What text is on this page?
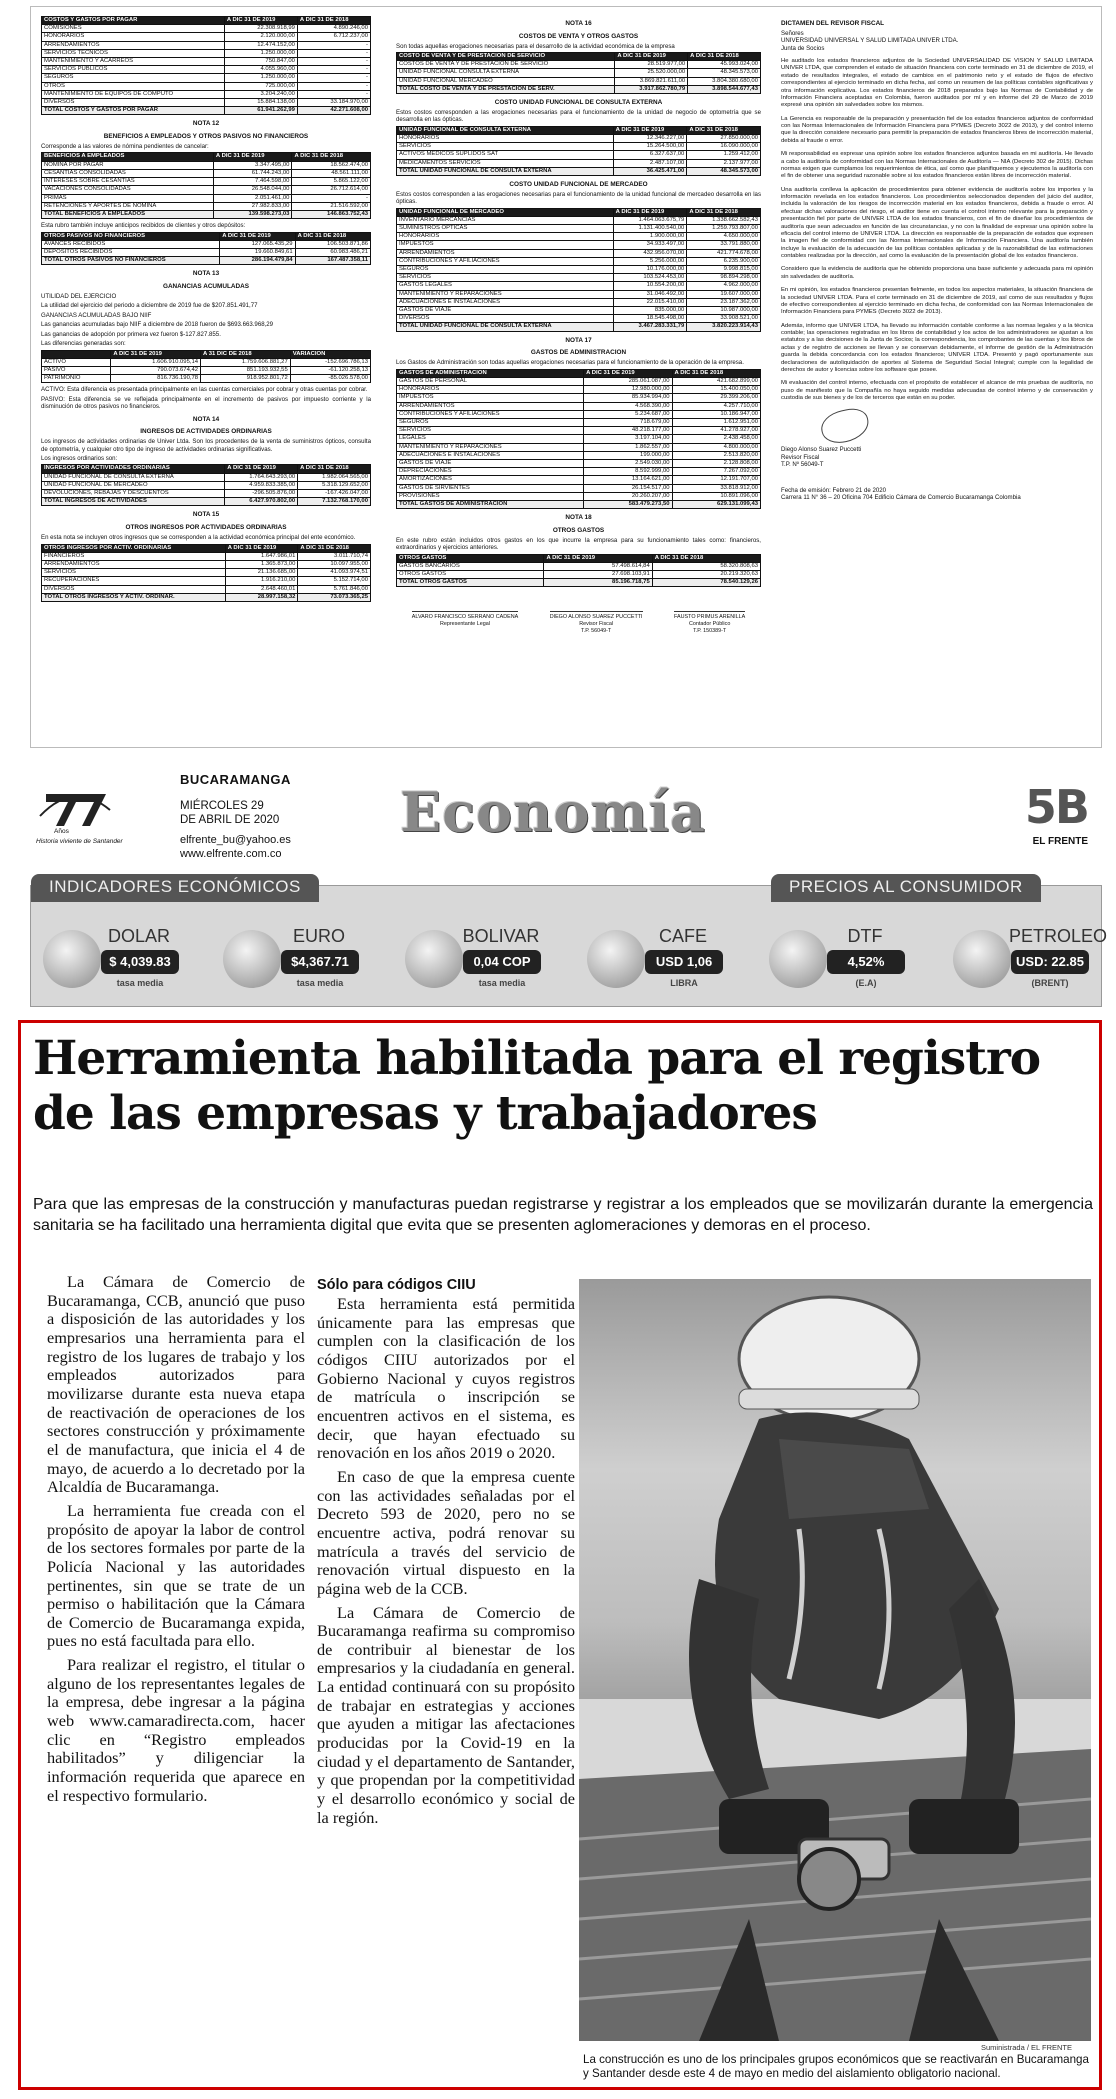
COSTOS Y GASTOS POR PAGAR	A DIC 31 DE 2019	A DIC 31 DE 2018
COMISIONES	22.308.918,99	4.890.246,00
HONORARIOS	2.120.000,00	6.712.237,00
ARRENDAMIENTOS	12.474.152,00	-
SERVICIOS TECNICOS	1.250.000,00	-
MANTENIMIENTO Y ACARREOS	750.847,00	-
SERVICIOS PUBLICOS	4.055.960,00	-
SEGUROS	1.250.000,00	-
OTROS	725.000,00	-
MANTENIMIENTO DE EQUIPOS DE COMPUTO	3.204.240,00	-
DIVERSOS	15.884.138,00	33.184.970,00
TOTAL COSTOS Y GASTOS POR PAGAR	61.941.262,99	42.271.608,00
NOTA 12
BENEFICIOS A EMPLEADOS Y OTROS PASIVOS NO FINANCIEROS
Corresponde a las valores de nómina pendientes de cancelar:
BENEFICIOS A EMPLEADOS	A DIC 31 DE 2019	A DIC 31 DE 2018
NOMINA POR PAGAR	3.347.495,00	18.562.474,00
CESANTIAS CONSOLIDADAS	61.744.243,00	48.561.111,00
INTERESES SOBRE CESANTIAS	7.464.598,00	5.865.122,00
VACACIONES CONSOLIDADAS	26.548.044,00	26.712.614,00
PRIMAS	2.051.461,00	-
RETENCIONES Y APORTES DE NOMINA	27.982.833,00	21.516.592,00
TOTAL BENEFICIOS A EMPLEADOS	139.598.273,03	146.863.752,43
Esta rubro también incluye anticipos recibidos de clientes y otros depósitos:
OTROS PASIVOS NO FINANCIEROS	A DIC 31 DE 2019	A DIC 31 DE 2018
AVANCES RECIBIDOS	127.065.435,29	106.503.871,86
DEPOSITOS RECIBIDOS	19.660.849,61	60.983.486,21
TOTAL OTROS PASIVOS NO FINANCIEROS	286.194.479,84	167.487.358,11
NOTA 13
GANANCIAS ACUMULADAS
UTILIDAD DEL EJERCICIO
La utilidad del ejercicio del periodo a diciembre de 2019 fue de $207.851.491,77
GANANCIAS ACUMULADAS BAJO NIIF
Las ganancias acumuladas bajo NIIF a diciembre de 2018 fueron de $693.663.968,29
Las ganancias de adopción por primera vez fueron $-127.827.855.
Las diferencias generadas son:
	A DIC 31 DE 2019	A 31 DIC DE 2018	VARIACION
ACTIVO	1.606.910.095,14	1.759.606.881,27	-152.696.786,13
PASIVO	790.073.674,42	851.193.932,55	-61.120.258,13
PATRIMONIO	816.736.190,78	918.952.801,72	-85.026.578,00
ACTIVO: Esta diferencia es presentada principalmente en las cuentas comerciales por cobrar y otras cuentas por cobrar.
PASIVO: Esta diferencia se ve reflejada principalmente en el incremento de pasivos por impuesto corriente y la disminución de otros pasivos no financieros.
NOTA 14
INGRESOS DE ACTIVIDADES ORDINARIAS
Los ingresos de actividades ordinarias de Univer Ltda. Son los procedentes de la venta de suministros ópticos, consulta de optometría, y cualquier otro tipo de ingreso de actividades ordinarias significativas.
Los ingresos ordinarios son:
INGRESOS POR ACTIVIDADES ORDINARIAS	A DIC 31 DE 2019	A DIC 31 DE 2018
UNIDAD FUNCIONAL DE CONSULTA EXTERNA	1.764.643.293,00	1.982.064.565,00
UNIDAD FUNCIONAL DE MERCADEO	4.959.833.385,00	5.318.129.652,00
DEVOLUCIONES, REBAJAS Y DESCUENTOS	-296.505.876,00	-167.426.047,00
TOTAL INGRESOS DE ACTIVIDADES	6.427.970.802,00	7.132.768.170,00
NOTA 15
OTROS INGRESOS POR ACTIVIDADES ORDINARIAS
En esta nota se incluyen otros ingresos que se corresponden a la actividad económica principal del ente económico.
OTROS INGRESOS POR ACTIV. ORDINARIAS	A DIC 31 DE 2019	A DIC 31 DE 2018
FINANCIEROS	1.647.986,01	3.011.710,74
ARRENDAMIENTOS	1.365.873,00	10.097.955,00
SERVICIOS	21.136.685,00	41.093.974,51
RECUPERACIONES	1.916.210,00	5.152.714,00
DIVERSOS	2.648.460,01	5.761.846,00
TOTAL OTROS INGRESOS Y ACTIV. ORDINAR.	28.997.158,32	73.073.365,25
NOTA 16
COSTOS DE VENTA Y OTROS GASTOS
Son todas aquellas erogaciones necesarias para el desarrollo de la actividad económica de la empresa
COSTO DE VENTA Y DE PRESTACION DE SERVICIO	A DIC 31 DE 2019	A DIC 31 DE 2018
COSTOS DE VENTA Y DE PRESTACION DE SERVICIO	28.519.977,00	45.993.024,00
UNIDAD FUNCIONAL CONSULTA EXTERNA	25.520.000,00	48.345.573,00
UNIDAD FUNCIONAL MERCADEO	3.869.821.611,00	3.804.380.680,00
TOTAL COSTO DE VENTA Y DE PRESTACION DE SERV.	3.917.862.780,79	3.898.544.677,43
COSTO UNIDAD FUNCIONAL DE CONSULTA EXTERNA
Estos costos corresponden a las erogaciones necesarias para el funcionamiento de la unidad de negocio de optometría que se desarrolla en las ópticas.
UNIDAD FUNCIONAL DE CONSULTA EXTERNA	A DIC 31 DE 2019	A DIC 31 DE 2018
HONORARIOS	12.346.227,00	27.850.000,00
SERVICIOS	15.264.500,00	16.090.000,00
ACTIVOS MEDICOS SUPLIDOS SAT	6.327.637,00	1.259.412,00
MEDICAMENTOS SERVICIOS	2.487.107,00	2.137.977,00
TOTAL UNIDAD FUNCIONAL DE CONSULTA EXTERNA	36.425.471,00	48.345.573,00
COSTO UNIDAD FUNCIONAL DE MERCADEO
Estos costos corresponden a las erogaciones necesarias para el funcionamiento de la unidad funcional de mercadeo desarrolla en las ópticas.
UNIDAD FUNCIONAL DE MERCADEO	A DIC 31 DE 2019	A DIC 31 DE 2018
INVENTARIO MERCANCIAS	1.464.063.675,79	1.338.662.582,43
SUMINISTROS OPTICAS	1.131.400.540,00	1.259.793.807,00
HONORARIOS	1.900.000,00	4.650.000,00
IMPUESTOS	34.933.497,00	33.791.880,00
ARRENDAMIENTOS	432.956.070,00	421.774.678,00
CONTRIBUCIONES Y AFILIACIONES	5.256.000,00	6.235.900,00
SEGUROS	10.176.000,00	9.998.815,00
SERVICIOS	103.524.453,00	98.894.298,00
GASTOS LEGALES	10.554.200,00	4.962.000,00
MANTENIMIENTO Y REPARACIONES	31.046.492,00	19.607.000,00
ADECUACIONES E INSTALACIONES	22.015.410,00	23.187.362,00
GASTOS DE VIAJE	835.000,00	10.987.000,00
DIVERSOS	18.545.498,00	33.908.521,00
TOTAL UNIDAD FUNCIONAL DE CONSULTA EXTERNA	3.467.283.331,79	3.820.223.914,43
NOTA 17
GASTOS DE ADMINISTRACION
Los Gastos de Administración son todas aquellas erogaciones necesarias para el funcionamiento de la operación de la empresa.
GASTOS DE ADMINISTRACION	A DIC 31 DE 2019	A DIC 31 DE 2018
GASTOS DE PERSONAL	285.061.087,00	421.682.899,00
HONORARIOS	12.980.000,00	15.400.050,00
IMPUESTOS	85.934.994,00	29.399.206,00
ARRENDAMIENTOS	4.568.390,00	4.257.710,00
CONTRIBUCIONES Y AFILIACIONES	5.234.687,00	10.186.947,00
SEGUROS	718.679,00	1.612.951,00
SERVICIOS	48.218.177,00	41.278.927,00
LEGALES	3.197.104,00	2.438.458,00
MANTENIMIENTO Y REPARACIONES	1.862.557,00	4.800.000,00
ADECUACIONES E INSTALACIONES	199.000,00	2.513.820,00
GASTOS DE VIAJE	2.549.030,00	2.128.808,00
DEPRECIACIONES	8.592.999,00	7.267.092,00
AMORTIZACIONES	13.164.621,00	12.191.707,00
GASTOS DE SIRVIENTES	26.154.517,00	33.818.912,00
PROVISIONES	20.260.207,00	10.891.096,00
TOTAL GASTOS DE ADMINISTRACION	583.479.273,50	629.131.099,43
NOTA 18
OTROS GASTOS
En este rubro están incluidos otros gastos en los que incurre la empresa para su funcionamiento tales como: financieros, extraordinarios y ejercicios anteriores.
OTROS GASTOS	A DIC 31 DE 2019	A DIC 31 DE 2018
GASTOS BANCARIOS	57.498.614,84	58.320.808,63
OTROS GASTOS	27.698.103,91	20.219.320,63
TOTAL OTROS GASTOS	85.196.718,75	78.540.129,26
ALVARO FRANCISCO SERRANO CADENA
Representante Legal
DIEGO ALONSO SUAREZ PUCCETTI
Revisor Fiscal
T.P. 56049-T
FAUSTO PRIMUS ARENILLA
Contador Público
T.P. 150389-T
DICTAMEN DEL REVISOR FISCAL
Señores
UNIVERSIDAD UNIVERSAL Y SALUD LIMITADA UNIVER LTDA.
Junta de Socios

He auditado los estados financieros adjuntos de la Sociedad UNIVERSALIDAD DE VISION Y SALUD LIMITADA UNIVER LTDA, que comprenden el estado de situación financiera con corte terminado en 31 de diciembre de 2019, el estado de resultados integrales, el estado de cambios en el patrimonio neto y el estado de flujos de efectivo correspondientes al ejercicio terminado en dicha fecha, así como un resumen de las políticas contables significativas y otra información explicativa. Los estados financieros de 2018 preparados bajo las Normas de Contabilidad y de Información Financiera aceptadas en Colombia, fueron auditados por mí y en informe del 29 de Marzo de 2019 expresé una opinión sin salvedades sobre los mismos.

La Gerencia es responsable de la preparación y presentación fiel de los estados financieros adjuntos de conformidad con las Normas Internacionales de Información Financiera para PYMES (Decreto 3022 de 2013), y del control interno que la dirección considere necesario para permitir la preparación de estados financieros libres de incorrección material, debida al fraude o error.

Mi responsabilidad es expresar una opinión sobre los estados financieros adjuntos basada en mi auditoría. He llevado a cabo la auditoría de conformidad con las Normas Internacionales de Auditoría — NIA (Decreto 302 de 2015). Dichas normas exigen que cumplamos los requerimientos de ética, así como que planifiquemos y ejecutemos la auditoría con el fin de obtener una seguridad razonable sobre si los estados financieros están libres de incorrección material.

Una auditoría conlleva la aplicación de procedimientos para obtener evidencia de auditoría sobre los importes y la información revelada en los estados financieros. Los procedimientos seleccionados dependen del juicio del auditor, incluida la valoración de los riesgos de incorrección material en los estados financieros, debida a fraude o error. Al efectuar dichas valoraciones del riesgo, el auditor tiene en cuenta el control interno relevante para la preparación y presentación fiel por parte de UNIVER LTDA de los estados financieros, con el fin de diseñar los procedimientos de auditoría que sean adecuados en función de las circunstancias, y no con la finalidad de expresar una opinión sobre la eficacia del control interno de UNIVER LTDA. La dirección es responsable de la preparación de estados que expresen la imagen fiel de conformidad con las Normas Internacionales de Información Financiera. Una auditoría también incluye la evaluación de la adecuación de las políticas contables aplicadas y de la razonabilidad de las estimaciones contables realizadas por la dirección, así como la evaluación de la presentación global de los estados financieros.

Considero que la evidencia de auditoría que he obtenido proporciona una base suficiente y adecuada para mi opinión sin salvedades de auditoría.

En mi opinión, los estados financieros presentan fielmente, en todos los aspectos materiales, la situación financiera de la sociedad UNIVER LTDA. Para el corte terminado en 31 de diciembre de 2019, así como de sus resultados y flujos de efectivo correspondientes al ejercicio terminado en dicha fecha, de conformidad con las Normas Internacionales de Información Financiera para PYMES (Decreto 3022 de 2013).

Además, informo que UNIVER LTDA, ha llevado su información contable conforme a las normas legales y a la técnica contable; las operaciones registradas en los libros de contabilidad y los actos de los administradores se ajustan a los estatutos y a las decisiones de la Junta de Socios; la correspondencia, los comprobantes de las cuentas y los libros de actas y de registro de acciones se llevan y se conservan debidamente, el informe de gestión de la Administración guarda la debida concordancia con los estados financieros; UNIVER LTDA. Presentó y pagó oportunamente sus declaraciones de autoliquidación de aportes al Sistema de Seguridad Social Integral; cumple con la legalidad de derechos de autor y licencias sobre los software que posee.

Mi evaluación del control interno, efectuada con el propósito de establecer el alcance de mis pruebas de auditoría, no puso de manifiesto que la Compañía no haya seguido medidas adecuadas de control interno y de conservación y custodia de sus bienes y de los de terceros que están en su poder.

Diego Alonso Suarez Puccetti
Revisor Fiscal
T.P. Nº 56049-T
Fecha de emisión: Febrero 21 de 2020
Carrera 11 N° 36 – 20 Oficina 704 Edificio Cámara de Comercio Bucaramanga Colombia
Años
Historia viviente de Santander
BUCARAMANGA
MIÉRCOLES 29
DE ABRIL DE 2020
elfrente_bu@yahoo.es
www.elfrente.com.co
Economía	5B
EL FRENTE
INDICADORES ECONÓMICOS	PRECIOS AL CONSUMIDOR
DOLAR
$ 4,039.83
tasa media
EURO
$4,367.71
tasa media
BOLIVAR
0,04 COP
tasa media
CAFE
USD 1,06
LIBRA
DTF
4,52%
(E.A)
PETROLEO
USD: 22.85
(BRENT)
Herramienta habilitada para el registro de las empresas y trabajadores

Para que las empresas de la construcción y manufacturas puedan registrarse y registrar a los empleados que se movilizarán durante la emergencia sanitaria se ha facilitado una herramienta digital que evita que se presenten aglomeraciones y demoras en el proceso.

La Cámara de Comercio de Bucaramanga, CCB, anunció que puso a disposición de las autoridades y los empresarios una herramienta para el registro de los lugares de trabajo y los empleados autorizados para movilizarse durante esta nueva etapa de reactivación de operaciones de los sectores construcción y próximamente el de manufactura, que inicia el 4 de mayo, de acuerdo a lo decretado por la Alcaldía de Bucaramanga.

La herramienta fue creada con el propósito de apoyar la labor de control de los sectores formales por parte de la Policía Nacional y las autoridades pertinentes, sin que se trate de un permiso o habilitación que la Cámara de Comercio de Bucaramanga expida, pues no está facultada para ello.

Para realizar el registro, el titular o alguno de los representantes legales de la empresa, debe ingresar a la página web www.camaradirecta.com, hacer clic en “Registro empleados habilitados” y diligenciar la información requerida que aparece en el respectivo formulario.

Sólo para códigos CIIU

Esta herramienta está permitida únicamente para las empresas que cumplen con la clasificación de los códigos CIIU autorizados por el Gobierno Nacional y cuyos registros de matrícula o inscripción se encuentren activos en el sistema, es decir, que hayan efectuado su renovación en los años 2019 o 2020.

En caso de que la empresa cuente con las actividades señaladas por el Decreto 593 de 2020, pero no se encuentre activa, podrá renovar su matrícula a través del servicio de renovación virtual dispuesto en la página web de la CCB.

La Cámara de Comercio de Bucaramanga reafirma su compromiso de contribuir al bienestar de los empresarios y la ciudadanía en general. La entidad continuará con su propósito de trabajar en estrategias y acciones que ayuden a mitigar las afectaciones producidas por la Covid-19 en la ciudad y el departamento de Santander, y que propendan por la competitividad y el desarrollo económico y social de la región.

Suministrada / EL FRENTE
La construcción es uno de los principales grupos económicos que se reactivarán en Bucaramanga y Santander desde este 4 de mayo en medio del aislamiento obligatorio nacional.
